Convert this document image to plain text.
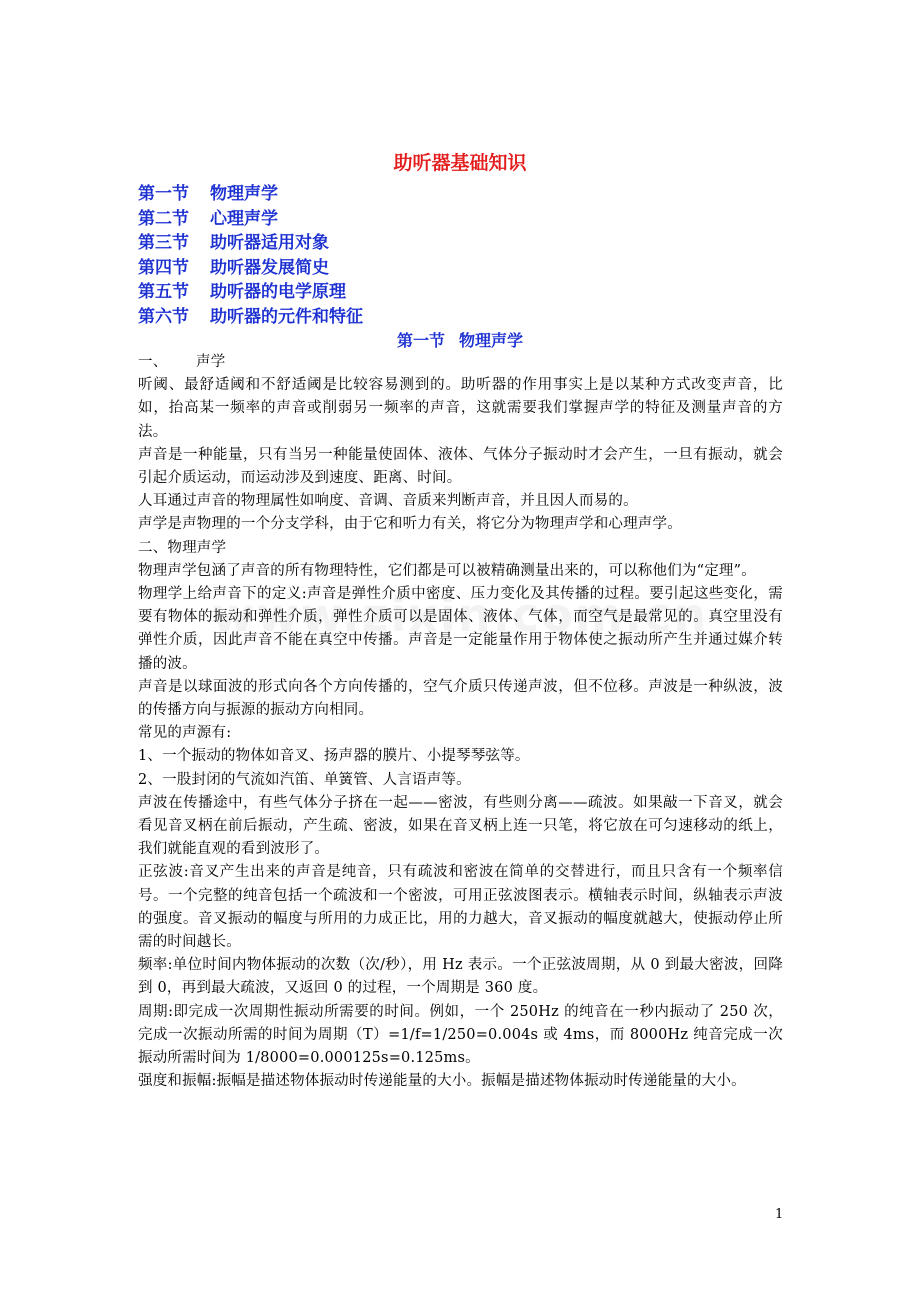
助听器基础知识
第一节 物理声学
第二节 心理声学
第三节 助听器适用对象
第四节 助听器发展简史
第五节 助听器的电学原理
第六节 助听器的元件和特征
第一节 物理声学

一、 声学

听阈、最舒适阈和不舒适阈是比较容易测到的。助听器的作用事实上是以某种方式改变声音，比如，抬高某一频率的声音或削弱另一频率的声音，这就需要我们掌握声学的特征及测量声音的方法。

声音是一种能量，只有当另一种能量使固体、液体、气体分子振动时才会产生，一旦有振动，就会引起介质运动，而运动涉及到速度、距离、时间。

人耳通过声音的物理属性如响度、音调、音质来判断声音，并且因人而易的。

声学是声物理的一个分支学科，由于它和听力有关，将它分为物理声学和心理声学。

二、物理声学

物理声学包涵了声音的所有物理特性，它们都是可以被精确测量出来的，可以称他们为“定理”。

物理学上给声音下的定义:声音是弹性介质中密度、压力变化及其传播的过程。要引起这些变化，需要有物体的振动和弹性介质，弹性介质可以是固体、液体、气体，而空气是最常见的。真空里没有弹性介质，因此声音不能在真空中传播。声音是一定能量作用于物体使之振动所产生并通过媒介转播的波。

声音是以球面波的形式向各个方向传播的，空气介质只传递声波，但不位移。声波是一种纵波，波的传播方向与振源的振动方向相同。

常见的声源有:

1、一个振动的物体如音叉、扬声器的膜片、小提琴琴弦等。

2、一股封闭的气流如汽笛、单簧管、人言语声等。

声波在传播途中，有些气体分子挤在一起——密波，有些则分离——疏波。如果敲一下音叉，就会看见音叉柄在前后振动，产生疏、密波，如果在音叉柄上连一只笔，将它放在可匀速移动的纸上，我们就能直观的看到波形了。

正弦波:音叉产生出来的声音是纯音，只有疏波和密波在简单的交替进行，而且只含有一个频率信号。一个完整的纯音包括一个疏波和一个密波，可用正弦波图表示。横轴表示时间，纵轴表示声波的强度。音叉振动的幅度与所用的力成正比，用的力越大，音叉振动的幅度就越大，使振动停止所需的时间越长。

频率:单位时间内物体振动的次数（次/秒），用 Hz 表示。一个正弦波周期，从 0 到最大密波，回降到 0，再到最大疏波，又返回 0 的过程，一个周期是 360 度。

周期:即完成一次周期性振动所需要的时间。例如，一个 250Hz 的纯音在一秒内振动了 250 次，完成一次振动所需的时间为周期（T）=1/f=1/250=0.004s 或 4ms，而 8000Hz 纯音完成一次振动所需时间为 1/8000=0.000125s=0.125ms。

强度和振幅:振幅是描述物体振动时传递能量的大小。振幅是描述物体振动时传递能量的大小。

1
